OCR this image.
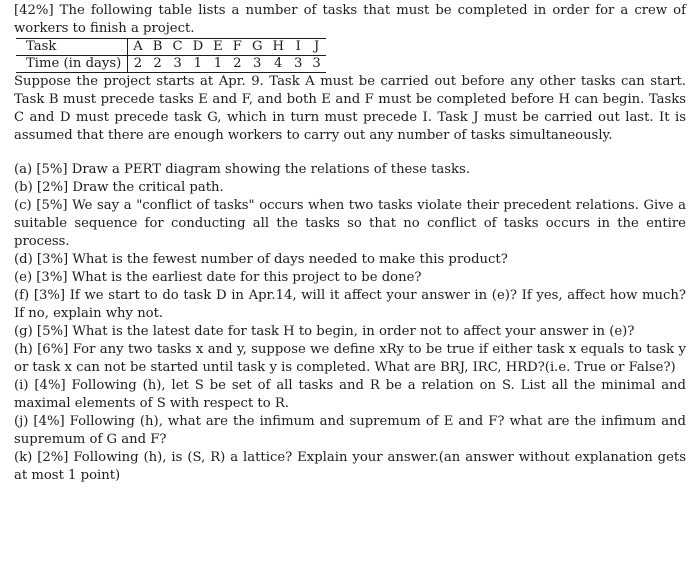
[42%] The following table lists a number of tasks that must be completed in order for a crew of workers to finish a project.

Task	A	B	C	D	E	F	G	H	I	J
Time (in days)	2	2	3	1	1	2	3	4	3	3

Suppose the project starts at Apr. 9. Task A must be carried out before any other tasks can start. Task B must precede tasks E and F, and both E and F must be completed before H can begin. Tasks C and D must precede task G, which in turn must precede I. Task J must be carried out last. It is assumed that there are enough workers to carry out any number of tasks simultaneously.

(a) [5%] Draw a PERT diagram showing the relations of these tasks.

(b) [2%] Draw the critical path.

(c) [5%] We say a "conflict of tasks" occurs when two tasks violate their precedent relations. Give a suitable sequence for conducting all the tasks so that no conflict of tasks occurs in the entire process.

(d) [3%] What is the fewest number of days needed to make this product?

(e) [3%] What is the earliest date for this project to be done?

(f) [3%] If we start to do task D in Apr.14, will it affect your answer in (e)? If yes, affect how much? If no, explain why not.

(g) [5%] What is the latest date for task H to begin, in order not to affect your answer in (e)?

(h) [6%] For any two tasks x and y, suppose we define xRy to be true if either task x equals to task y or task x can not be started until task y is completed. What are BRJ, IRC, HRD?(i.e. True or False?)

(i) [4%] Following (h), let S be set of all tasks and R be a relation on S. List all the minimal and maximal elements of S with respect to R.

(j) [4%] Following (h), what are the infimum and supremum of E and F? what are the infimum and supremum of G and F?

(k) [2%] Following (h), is (S, R) a lattice? Explain your answer.(an answer without explanation gets at most 1 point)
